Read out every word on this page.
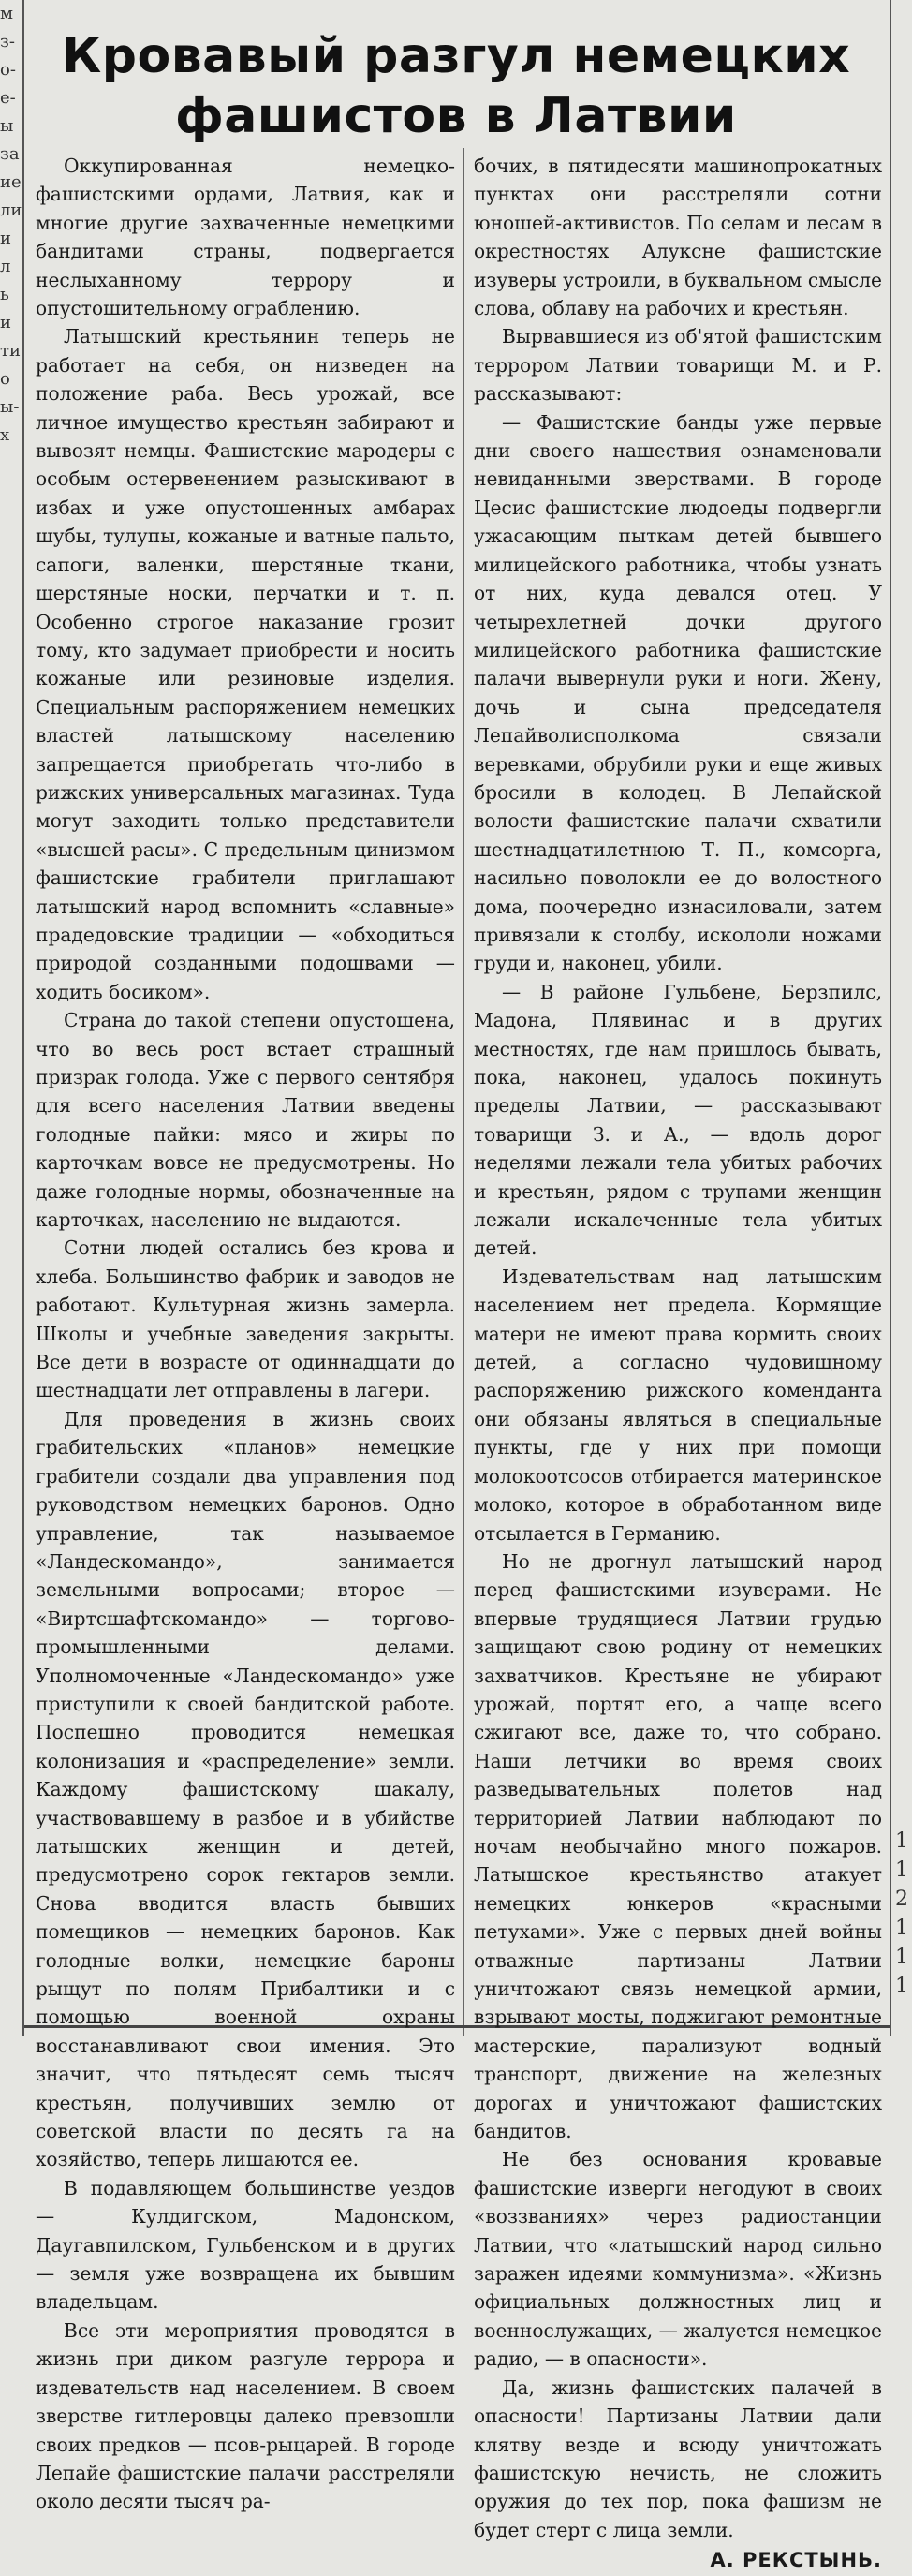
м
з-
о-
е-
ы
за
ие
ли
и
л
ь
и
ти
о
ы-
х
1
1
2
1
1
1
Кровавый разгул немецких фашистов в Латвии

Оккупированная немецко-фашистскими ордами, Латвия, как и многие другие захваченные немецкими бандитами страны, подвергается неслыханному террору и опустошительному ограблению.

Латышский крестьянин теперь не работает на себя, он низведен на положение раба. Весь урожай, все личное имущество крестьян забирают и вывозят немцы. Фашистские мародеры с особым остервенением разыскивают в избах и уже опустошенных амбарах шубы, тулупы, кожаные и ватные пальто, сапоги, валенки, шерстяные ткани, шерстяные носки, перчатки и т. п. Особенно строгое наказание грозит тому, кто задумает приобрести и носить кожаные или резиновые изделия. Специальным распоряжением немецких властей латышскому населению запрещается приобретать что-либо в рижских универсальных магазинах. Туда могут заходить только представители «высшей расы». С предельным цинизмом фашистские грабители приглашают латышский народ вспомнить «славные» прадедовские традиции — «обходиться природой созданными подошвами — ходить босиком».

Страна до такой степени опустошена, что во весь рост встает страшный призрак голода. Уже с первого сентября для всего населения Латвии введены голодные пайки: мясо и жиры по карточкам вовсе не предусмотрены. Но даже голодные нормы, обозначенные на карточках, населению не выдаются.

Сотни людей остались без крова и хлеба. Большинство фабрик и заводов не работают. Культурная жизнь замерла. Школы и учебные заведения закрыты. Все дети в возрасте от одиннадцати до шестнадцати лет отправлены в лагери.

Для проведения в жизнь своих грабительских «планов» немецкие грабители создали два управления под руководством немецких баронов. Одно управление, так называемое «Ландескомандо», занимается земельными вопросами; второе — «Виртсшафтскомандо» — торгово-промышленными делами. Уполномоченные «Ландескомандо» уже приступили к своей бандитской работе. Поспешно проводится немецкая колонизация и «распределение» земли. Каждому фашистскому шакалу, участвовавшему в разбое и в убийстве латышских женщин и детей, предусмотрено сорок гектаров земли. Снова вводится власть бывших помещиков — немецких баронов. Как голодные волки, немецкие бароны рыщут по полям Прибалтики и с помощью военной охраны восстанавливают свои имения. Это значит, что пятьдесят семь тысяч крестьян, получивших землю от советской власти по десять га на хозяйство, теперь лишаются ее.

В подавляющем большинстве уездов — Кулдигском, Мадонском, Даугавпилском, Гульбенском и в других — земля уже возвращена их бывшим владельцам.

Все эти мероприятия проводятся в жизнь при диком разгуле террора и издевательств над населением. В своем зверстве гитлеровцы далеко превзошли своих предков — псов-рыцарей. В городе Лепайе фашистские палачи расстреляли около десяти тысяч ра-

бочих, в пятидесяти машинопрокатных пунктах они расстреляли сотни юношей-активистов. По селам и лесам в окрестностях Алуксне фашистские изуверы устроили, в буквальном смысле слова, облаву на рабочих и крестьян.

Вырвавшиеся из об'ятой фашистским террором Латвии товарищи М. и Р. рассказывают:

— Фашистские банды уже первые дни своего нашествия ознаменовали невиданными зверствами. В городе Цесис фашистские людоеды подвергли ужасающим пыткам детей бывшего милицейского работника, чтобы узнать от них, куда девался отец. У четырехлетней дочки другого милицейского работника фашистские палачи вывернули руки и ноги. Жену, дочь и сына председателя Лепайволисполкома связали веревками, обрубили руки и еще живых бросили в колодец. В Лепайской волости фашистские палачи схватили шестнадцатилетнюю Т. П., комсорга, насильно поволокли ее до волостного дома, поочередно изнасиловали, затем привязали к столбу, искололи ножами груди и, наконец, убили.

— В районе Гульбене, Берзпилс, Мадона, Плявинас и в других местностях, где нам пришлось бывать, пока, наконец, удалось покинуть пределы Латвии, — рассказывают товарищи З. и А., — вдоль дорог неделями лежали тела убитых рабочих и крестьян, рядом с трупами женщин лежали искалеченные тела убитых детей.

Издевательствам над латышским населением нет предела. Кормящие матери не имеют права кормить своих детей, а согласно чудовищному распоряжению рижского коменданта они обязаны являться в специальные пункты, где у них при помощи молокоотсосов отбирается материнское молоко, которое в обработанном виде отсылается в Германию.

Но не дрогнул латышский народ перед фашистскими изуверами. Не впервые трудящиеся Латвии грудью защищают свою родину от немецких захватчиков. Крестьяне не убирают урожай, портят его, а чаще всего сжигают все, даже то, что собрано. Наши летчики во время своих разведывательных полетов над территорией Латвии наблюдают по ночам необычайно много пожаров. Латышское крестьянство атакует немецких юнкеров «красными петухами». Уже с первых дней войны отважные партизаны Латвии уничтожают связь немецкой армии, взрывают мосты, поджигают ремонтные мастерские, парализуют водный транспорт, движение на железных дорогах и уничтожают фашистских бандитов.

Не без основания кровавые фашистские изверги негодуют в своих «воззваниях» через радиостанции Латвии, что «латышский народ сильно заражен идеями коммунизма». «Жизнь официальных должностных лиц и военнослужащих, — жалуется немецкое радио, — в опасности».

Да, жизнь фашистских палачей в опасности! Партизаны Латвии дали клятву везде и всюду уничтожать фашистскую нечисть, не сложить оружия до тех пор, пока фашизм не будет стерт с лица земли.

А. РЕКСТЫНЬ.
